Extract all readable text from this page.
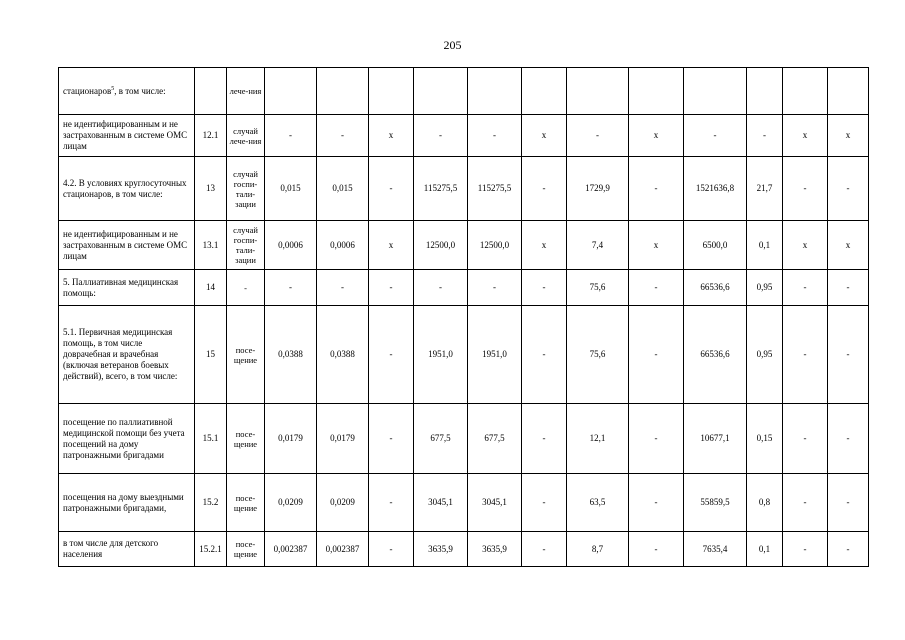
205
стационаров$^5$, в том числе:		лече-ния												
не идентифицированным и не застрахованным в системе ОМС лицам	12.1	случай лече-ния	-	-	x	-	-	x	-	x	-	-	x	x
4.2. В условиях круглосуточных стационаров, в том числе:	13	случай госпи-тали-зации	0,015	0,015	-	115275,5	115275,5	-	1729,9	-	1521636,8	21,7	-	-
не идентифицированным и не застрахованным в системе ОМС лицам	13.1	случай госпи-тали-зации	0,0006	0,0006	x	12500,0	12500,0	x	7,4	x	6500,0	0,1	x	x
5. Паллиативная медицинская помощь:	14	-	-	-	-	-	-	-	75,6	-	66536,6	0,95	-	-
5.1. Первичная медицинская помощь, в том числе доврачебная и врачебная (включая ветеранов боевых действий), всего, в том числе:	15	посе-щение	0,0388	0,0388	-	1951,0	1951,0	-	75,6	-	66536,6	0,95	-	-
посещение по паллиативной медицинской помощи без учета посещений на дому патронажными бригадами	15.1	посе-щение	0,0179	0,0179	-	677,5	677,5	-	12,1	-	10677,1	0,15	-	-
посещения на дому выездными патронажными бригадами,	15.2	посе-щение	0,0209	0,0209	-	3045,1	3045,1	-	63,5	-	55859,5	0,8	-	-
в том числе для детского населения	15.2.1	посе-щение	0,002387	0,002387	-	3635,9	3635,9	-	8,7	-	7635,4	0,1	-	-
